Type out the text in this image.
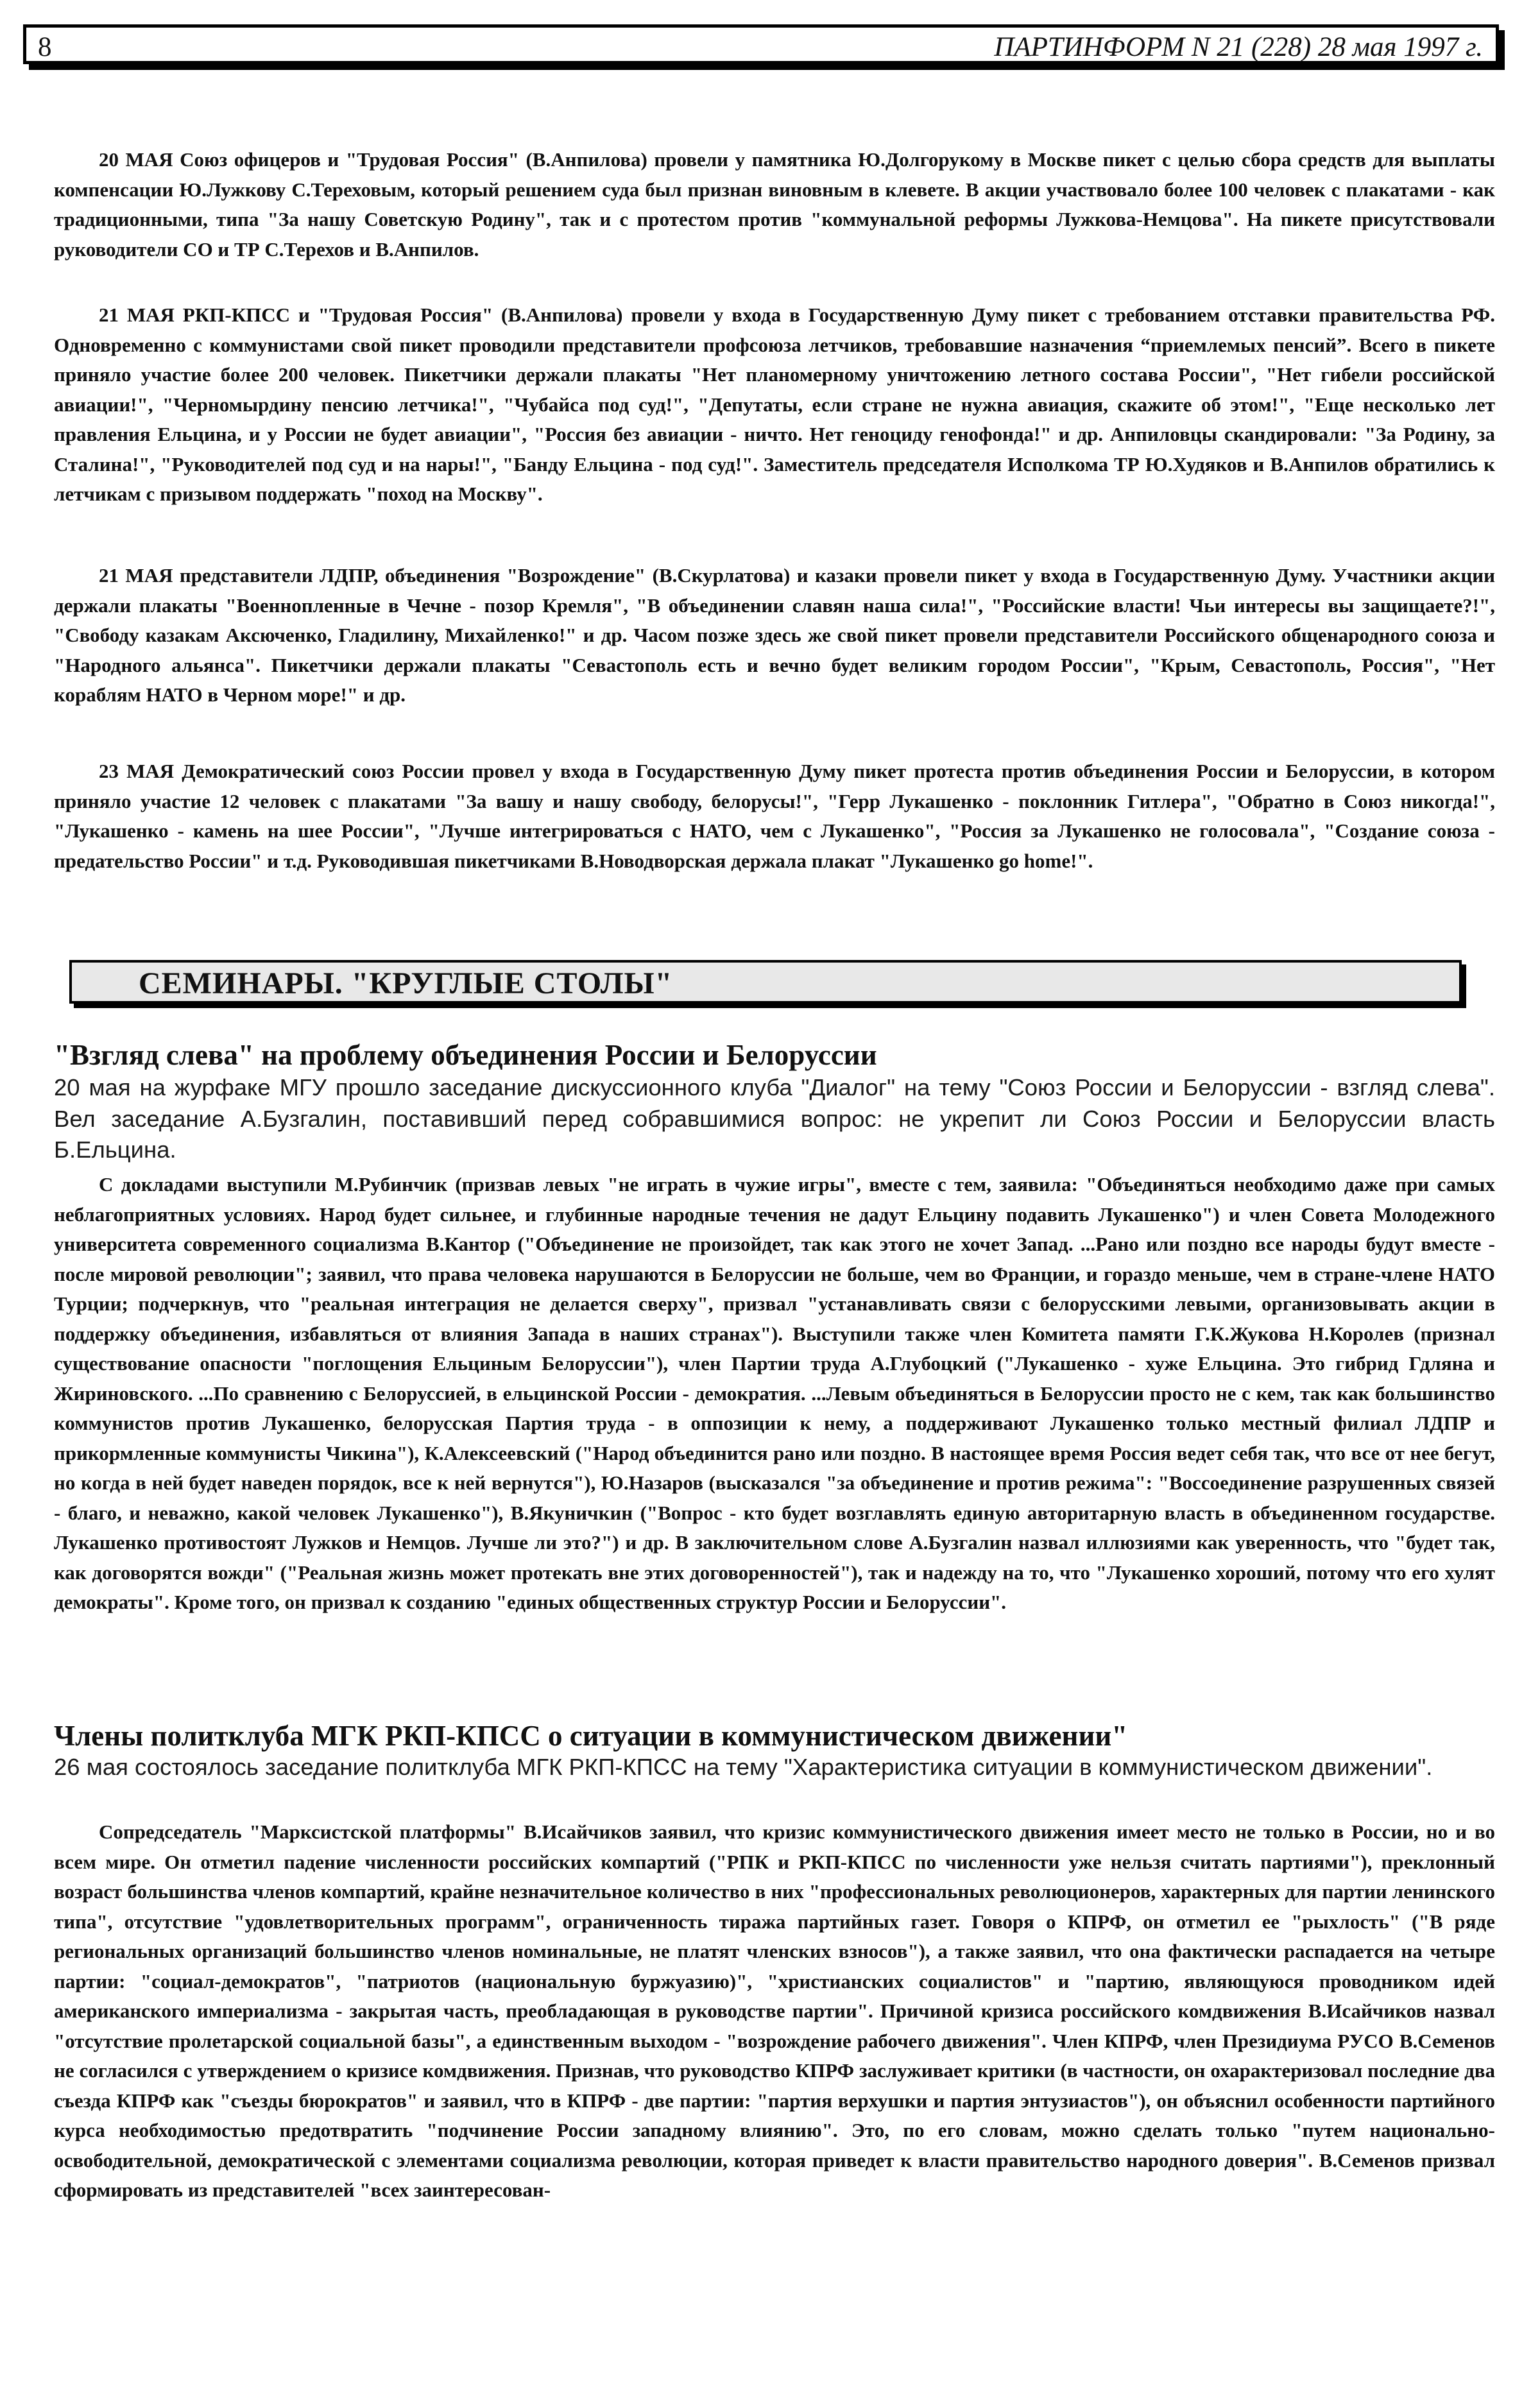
8	ПАРТИНФОРМ N 21 (228) 28 мая 1997 г.

20 МАЯ Союз офицеров и "Трудовая Россия" (В.Анпилова) провели у памятника Ю.Долгорукому в Москве пикет с целью сбора средств для выплаты компенсации Ю.Лужкову С.Тереховым, который решением суда был признан виновным в клевете. В акции участвовало более 100 человек с плакатами - как традиционными, типа "За нашу Советскую Родину", так и с протестом против "коммунальной реформы Лужкова-Немцова". На пикете присутствовали руководители СО и ТР С.Терехов и В.Анпилов.

21 МАЯ РКП-КПСС и "Трудовая Россия" (В.Анпилова) провели у входа в Государственную Думу пикет с требованием отставки правительства РФ. Одновременно с коммунистами свой пикет проводили представители профсоюза летчиков, требовавшие назначения “приемлемых пенсий”. Всего в пикете приняло участие более 200 человек. Пикетчики держали плакаты "Нет планомерному уничтожению летного состава России", "Нет гибели российской авиации!", "Черномырдину пенсию летчика!", "Чубайса под суд!", "Депутаты, если стране не нужна авиация, скажите об этом!", "Еще несколько лет правления Ельцина, и у России не будет авиации", "Россия без авиации - ничто. Нет геноциду генофонда!" и др. Анпиловцы скандировали: "За Родину, за Сталина!", "Руководителей под суд и на нары!", "Банду Ельцина - под суд!". Заместитель председателя Исполкома ТР Ю.Худяков и В.Анпилов обратились к летчикам с призывом поддержать "поход на Москву".

21 МАЯ представители ЛДПР, объединения "Возрождение" (В.Скурлатова) и казаки провели пикет у входа в Государственную Думу. Участники акции держали плакаты "Военнопленные в Чечне - позор Кремля", "В объединении славян наша сила!", "Российские власти! Чьи интересы вы защищаете?!", "Свободу казакам Аксюченко, Гладилину, Михайленко!" и др. Часом позже здесь же свой пикет провели представители Российского общенародного союза и "Народного альянса". Пикетчики держали плакаты "Севастополь есть и вечно будет великим городом России", "Крым, Севастополь, Россия", "Нет кораблям НАТО в Черном море!" и др.

23 МАЯ Демократический союз России провел у входа в Государственную Думу пикет протеста против объединения России и Белоруссии, в котором приняло участие 12 человек с плакатами "За вашу и нашу свободу, белорусы!", "Герр Лукашенко - поклонник Гитлера", "Обратно в Союз никогда!", "Лукашенко - камень на шее России", "Лучше интегрироваться с НАТО, чем с Лукашенко", "Россия за Лукашенко не голосовала", "Создание союза - предательство России" и т.д. Руководившая пикетчиками В.Новодворская держала плакат "Лукашенко go home!".

СЕМИНАРЫ. "КРУГЛЫЕ СТОЛЫ"
"Взгляд слева" на проблему объединения России и Белоруссии

20 мая на журфаке МГУ прошло заседание дискуссионного клуба "Диалог" на тему "Союз России и Белоруссии - взгляд слева". Вел заседание А.Бузгалин, поставивший перед собравшимися вопрос: не укрепит ли Союз России и Белоруссии власть Б.Ельцина.

С докладами выступили М.Рубинчик (призвав левых "не играть в чужие игры", вместе с тем, заявила: "Объединяться необходимо даже при самых неблагоприятных условиях. Народ будет сильнее, и глубинные народные течения не дадут Ельцину подавить Лукашенко") и член Совета Молодежного университета современного социализма В.Кантор ("Объединение не произойдет, так как этого не хочет Запад. ...Рано или поздно все народы будут вместе - после мировой революции"; заявил, что права человека нарушаются в Белоруссии не больше, чем во Франции, и гораздо меньше, чем в стране-члене НАТО Турции; подчеркнув, что "реальная интеграция не делается сверху", призвал "устанавливать связи с белорусскими левыми, организовывать акции в поддержку объединения, избавляться от влияния Запада в наших странах"). Выступили также член Комитета памяти Г.К.Жукова Н.Королев (признал существование опасности "поглощения Ельциным Белоруссии"), член Партии труда А.Глубоцкий ("Лукашенко - хуже Ельцина. Это гибрид Гдляна и Жириновского. ...По сравнению с Белоруссией, в ельцинской России - демократия. ...Левым объединяться в Белоруссии просто не с кем, так как большинство коммунистов против Лукашенко, белорусская Партия труда - в оппозиции к нему, а поддерживают Лукашенко только местный филиал ЛДПР и прикормленные коммунисты Чикина"), К.Алексеевский ("Народ объединится рано или поздно. В настоящее время Россия ведет себя так, что все от нее бегут, но когда в ней будет наведен порядок, все к ней вернутся"), Ю.Назаров (высказался "за объединение и против режима": "Воссоединение разрушенных связей - благо, и неважно, какой человек Лукашенко"), В.Якуничкин ("Вопрос - кто будет возглавлять единую авторитарную власть в объединенном государстве. Лукашенко противостоят Лужков и Немцов. Лучше ли это?") и др. В заключительном слове А.Бузгалин назвал иллюзиями как уверенность, что "будет так, как договорятся вожди" ("Реальная жизнь может протекать вне этих договоренностей"), так и надежду на то, что "Лукашенко хороший, потому что его хулят демократы". Кроме того, он призвал к созданию "единых общественных структур России и Белоруссии".

Члены политклуба МГК РКП-КПСС о ситуации в коммунистическом движении"

26 мая состоялось заседание политклуба МГК РКП-КПСС на тему "Характеристика ситуации в коммунистическом движении".

Сопредседатель "Марксистской платформы" В.Исайчиков заявил, что кризис коммунистического движения имеет место не только в России, но и во всем мире. Он отметил падение численности российских компартий ("РПК и РКП-КПСС по численности уже нельзя считать партиями"), преклонный возраст большинства членов компартий, крайне незначительное количество в них "профессиональных революционеров, характерных для партии ленинского типа", отсутствие "удовлетворительных программ", ограниченность тиража партийных газет. Говоря о КПРФ, он отметил ее "рыхлость" ("В ряде региональных организаций большинство членов номинальные, не платят членских взносов"), а также заявил, что она фактически распадается на четыре партии: "социал-демократов", "патриотов (национальную буржуазию)", "христианских социалистов" и "партию, являющуюся проводником идей американского империализма - закрытая часть, преобладающая в руководстве партии". Причиной кризиса российского комдвижения В.Исайчиков назвал "отсутствие пролетарской социальной базы", а единственным выходом - "возрождение рабочего движения". Член КПРФ, член Президиума РУСО В.Семенов не согласился с утверждением о кризисе комдвижения. Признав, что руководство КПРФ заслуживает критики (в частности, он охарактеризовал последние два съезда КПРФ как "съезды бюрократов" и заявил, что в КПРФ - две партии: "партия верхушки и партия энтузиастов"), он объяснил особенности партийного курса необходимостью предотвратить "подчинение России западному влиянию". Это, по его словам, можно сделать только "путем национально-освободительной, демократической с элементами социализма революции, которая приведет к власти правительство народного доверия". В.Семенов призвал сформировать из представителей "всех заинтересован-
